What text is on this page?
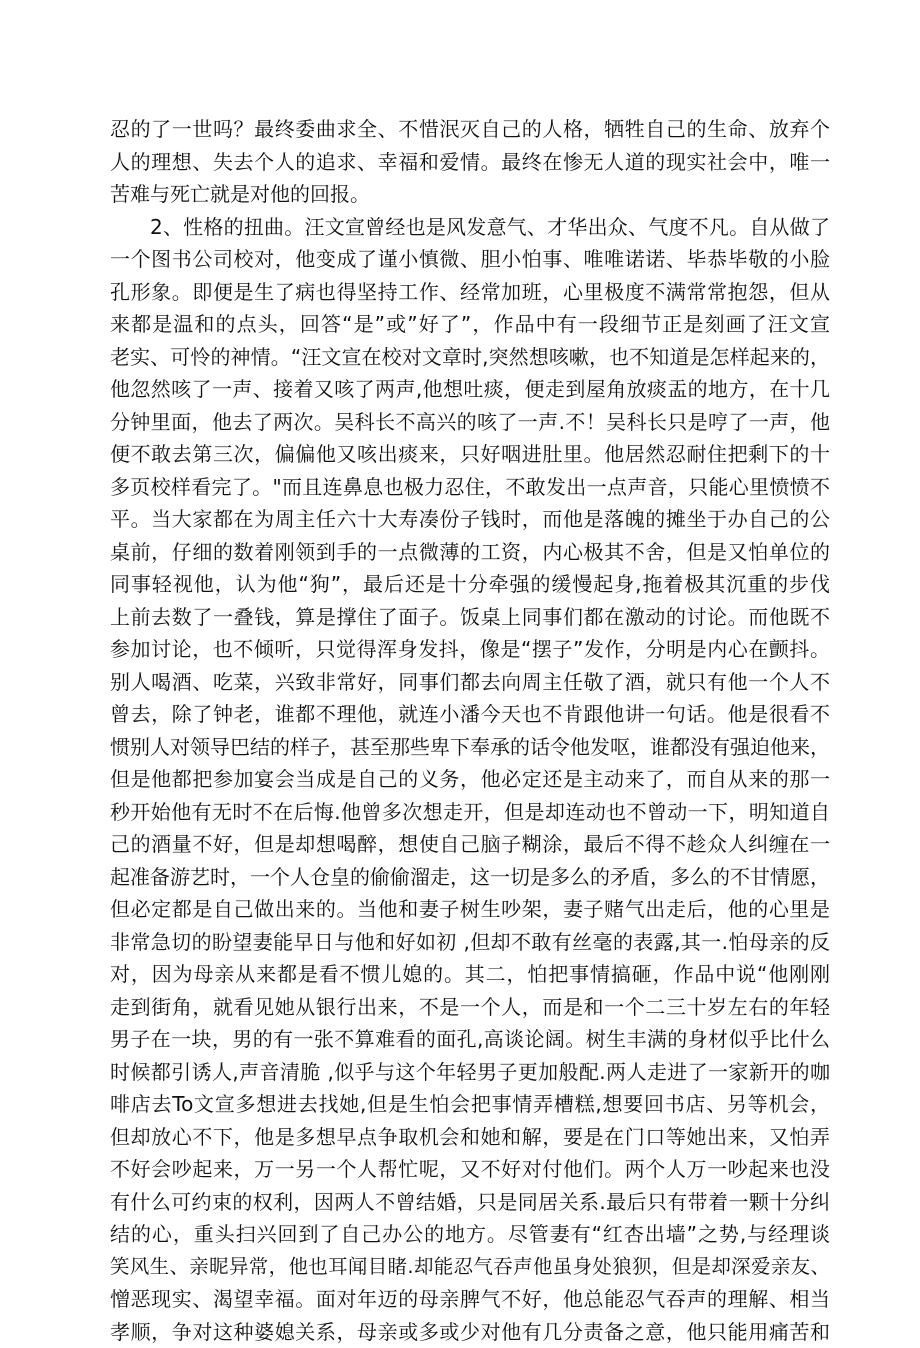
忍的了一世吗？最终委曲求全、不惜泯灭自己的人格，牺牲自己的生命、放弃个
人的理想、失去个人的追求、幸福和爱情。最终在惨无人道的现实社会中，唯一
苦难与死亡就是对他的回报。
2、性格的扭曲。汪文宣曾经也是风发意气、才华出众、气度不凡。自从做了
一个图书公司校对，他变成了谨小慎微、胆小怕事、唯唯诺诺、毕恭毕敬的小脸
孔形象。即便是生了病也得坚持工作、经常加班，心里极度不满常常抱怨，但从
来都是温和的点头，回答“是”或”好了”，作品中有一段细节正是刻画了汪文宣
老实、可怜的神情。“汪文宣在校对文章时,突然想咳嗽，也不知道是怎样起来的，
他忽然咳了一声、接着又咳了两声,他想吐痰，便走到屋角放痰盂的地方，在十几
分钟里面，他去了两次。吴科长不高兴的咳了一声.不！吴科长只是哼了一声，他
便不敢去第三次，偏偏他又咳出痰来，只好咽进肚里。他居然忍耐住把剩下的十
多页校样看完了。"而且连鼻息也极力忍住，不敢发出一点声音，只能心里愤愤不
平。当大家都在为周主任六十大寿凑份子钱时，而他是落魄的摊坐于办自己的公
桌前，仔细的数着刚领到手的一点微薄的工资，内心极其不舍，但是又怕单位的
同事轻视他，认为他“狗”，最后还是十分牵强的缓慢起身,拖着极其沉重的步伐
上前去数了一叠钱，算是撑住了面子。饭桌上同事们都在激动的讨论。而他既不
参加讨论，也不倾听，只觉得浑身发抖，像是“摆子”发作，分明是内心在颤抖。
别人喝酒、吃菜，兴致非常好，同事们都去向周主任敬了酒，就只有他一个人不
曾去，除了钟老，谁都不理他，就连小潘今天也不肯跟他讲一句话。他是很看不
惯别人对领导巴结的样子，甚至那些卑下奉承的话令他发呕，谁都没有强迫他来，
但是他都把参加宴会当成是自己的义务，他必定还是主动来了，而自从来的那一
秒开始他有无时不在后悔.他曾多次想走开，但是却连动也不曾动一下，明知道自
己的酒量不好，但是却想喝醉，想使自己脑子糊涂，最后不得不趁众人纠缠在一
起准备游艺时，一个人仓皇的偷偷溜走，这一切是多么的矛盾，多么的不甘情愿，
但必定都是自己做出来的。当他和妻子树生吵架，妻子赌气出走后，他的心里是
非常急切的盼望妻能早日与他和好如初 ,但却不敢有丝毫的表露,其一.怕母亲的反
对，因为母亲从来都是看不惯儿媳的。其二，怕把事情搞砸，作品中说“他刚刚
走到街角，就看见她从银行出来，不是一个人，而是和一个二三十岁左右的年轻
男子在一块，男的有一张不算难看的面孔,高谈论阔。树生丰满的身材似乎比什么
时候都引诱人,声音清脆 ,似乎与这个年轻男子更加般配.两人走进了一家新开的咖
啡店去To文宣多想进去找她,但是生怕会把事情弄槽糕,想要回书店、另等机会，
但却放心不下，他是多想早点争取机会和她和解，要是在门口等她出来，又怕弄
不好会吵起来，万一另一个人帮忙呢，又不好对付他们。两个人万一吵起来也没
有什么可约束的权利，因两人不曾结婚，只是同居关系.最后只有带着一颗十分纠
结的心，重头扫兴回到了自己办公的地方。尽管妻有“红杏出墙”之势,与经理谈
笑风生、亲昵异常，他也耳闻目睹.却能忍气吞声他虽身处狼狈，但是却深爱亲友、
憎恶现实、渴望幸福。面对年迈的母亲脾气不好，他总能忍气吞声的理解、相当
孝顺，争对这种婆媳关系，母亲或多或少对他有几分责备之意，他只能用痛苦和
